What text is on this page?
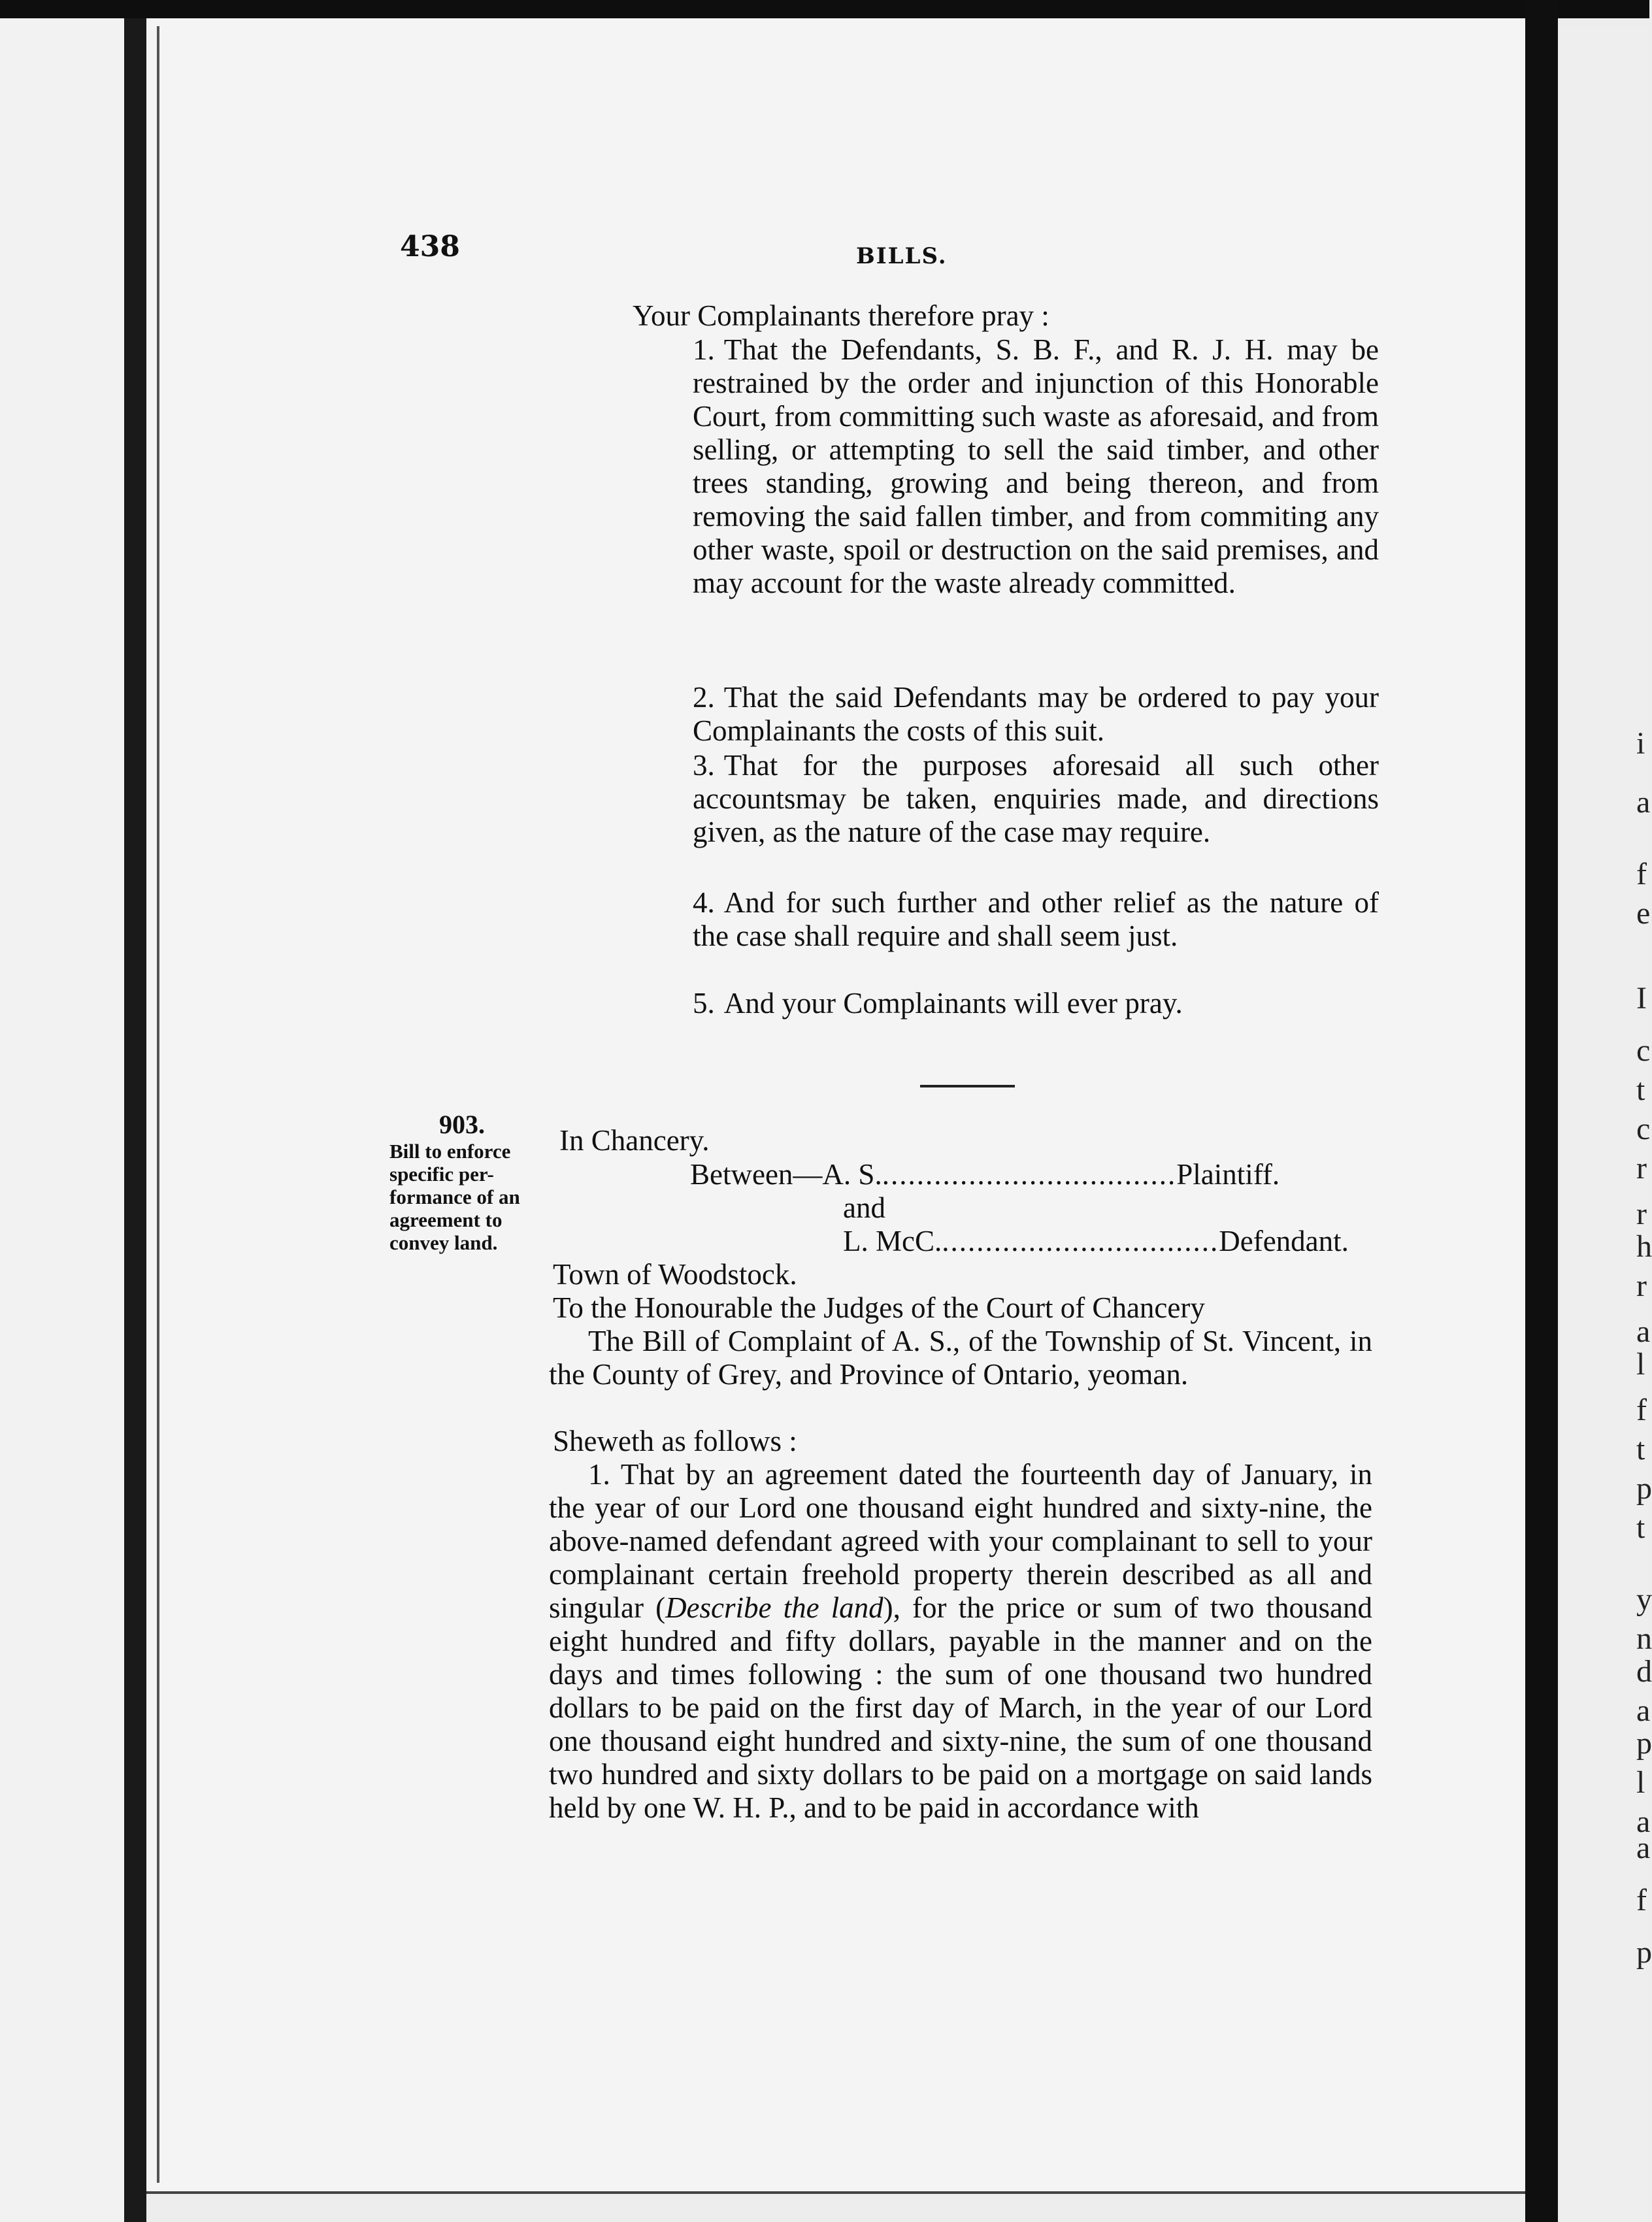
i
a
f
e
I
c
t
c
r
r
h
r
a
l
f
t
p
t
y
n
d
a
p
l
a
a
f
p
438	BILLS.
Your Complainants therefore pray :

1. That the Defendants, S. B. F., and R. J. H. may be restrained by the order and injunction of this Honorable Court, from committing such waste as aforesaid, and from selling, or attempting to sell the said timber, and other trees standing, growing and being thereon, and from removing the said fallen timber, and from commiting any other waste, spoil or destruction on the said premises, and may account for the waste already committed.

2. That the said Defendants may be ordered to pay your Complainants the costs of this suit.

3. That for the purposes aforesaid all such other accountsmay be taken, enquiries made, and directions given, as the nature of the case may require.

4. And for such further and other relief as the nature of the case shall require and shall seem just.

5. And your Complainants will ever pray.

903.
Bill to enforce
specific per-
formance of an
agreement to
convey land.
In Chancery.
Between—A. S...................................Plaintiff.
and
L. McC.................................Defendant.
Town of Woodstock.
To the Honourable the Judges of the Court of Chancery

The Bill of Complaint of A. S., of the Township of St. Vincent, in the County of Grey, and Province of Ontario, yeoman.

Sheweth as follows :

1. That by an agreement dated the fourteenth day of January, in the year of our Lord one thousand eight hundred and sixty-nine, the above-named defendant agreed with your complainant to sell to your complainant certain freehold property therein described as all and singular (Describe the land), for the price or sum of two thousand eight hundred and fifty dollars, payable in the manner and on the days and times following : the sum of one thousand two hundred dollars to be paid on the first day of March, in the year of our Lord one thousand eight hundred and sixty-nine, the sum of one thousand two hundred and sixty dollars to be paid on a mortgage on said lands held by one W. H. P., and to be paid in accordance with
